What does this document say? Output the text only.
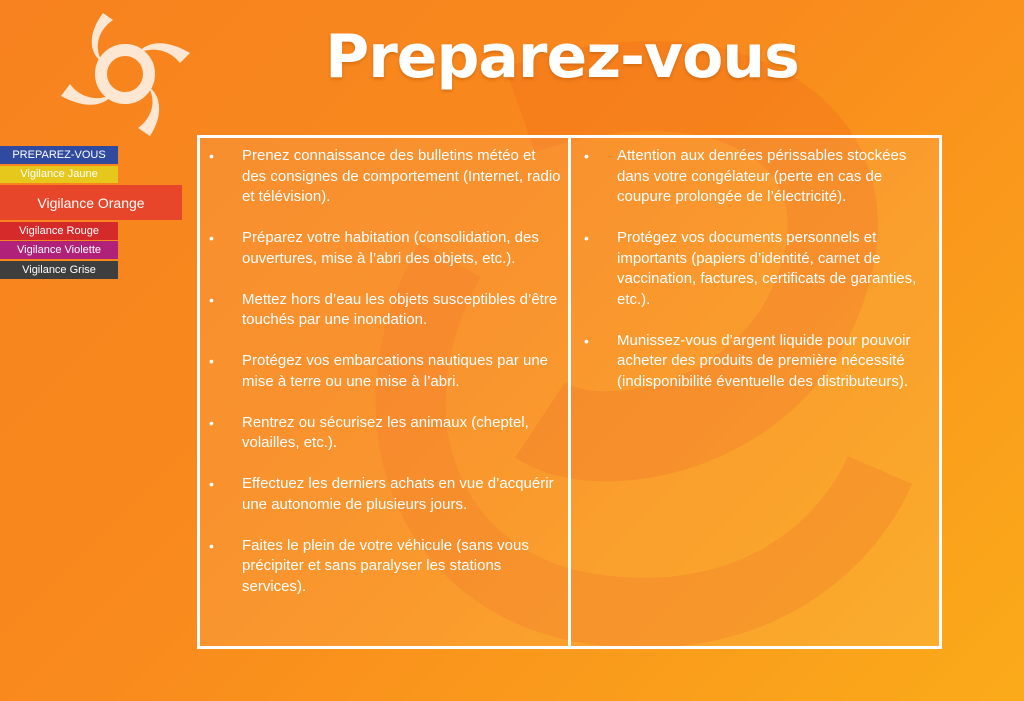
Preparez-vous
PREPAREZ-VOUS
Vigilance Jaune
Vigilance Orange
Vigilance Rouge
Vigilance Violette
Vigilance Grise
• Prenez connaissance des bulletins météo et des consignes de comportement (Internet, radio et télévision).
• Préparez votre habitation (consolidation, des ouvertures, mise à l’abri des objets, etc.).
• Mettez hors d’eau les objets susceptibles d’être touchés par une inondation.
• Protégez vos embarcations nautiques par une mise à terre ou une mise à l’abri.
• Rentrez ou sécurisez les animaux (cheptel, volailles, etc.).
• Effectuez les derniers achats en vue d’acquérir une autonomie de plusieurs jours.
• Faites le plein de votre véhicule (sans vous précipiter et sans paralyser les stations services).
• Attention aux denrées périssables stockées dans votre congélateur (perte en cas de coupure prolongée de l’électricité).
• Protégez vos documents personnels et importants (papiers d’identité, carnet de vaccination, factures, certificats de garanties, etc.).
• Munissez-vous d’argent liquide pour pouvoir acheter des produits de première nécessité (indisponibilité éventuelle des distributeurs).
